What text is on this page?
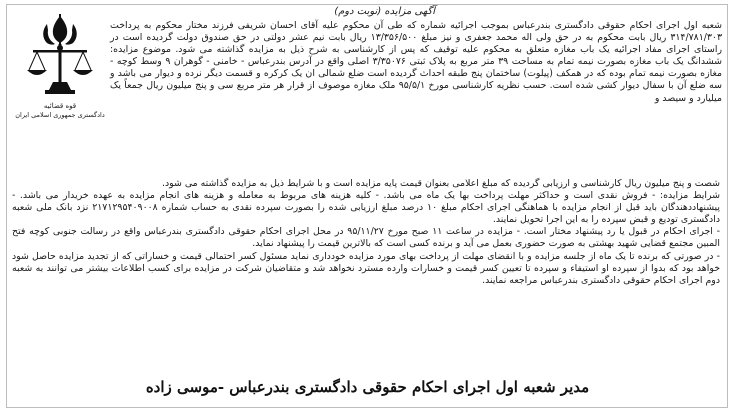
آگهی مزایده (نوبت دوم)
قوه قضائیه
دادگستری جمهوری اسلامی ایران

شعبه اول اجرای احکام حقوقی دادگستری بندرعباس بموجب اجرائیه شماره که طی آن محکوم علیه آقای احسان شریفی فرزند مختار محکوم به پرداخت ۳۱۴/۷۸۱/۳۰۳ ریال بابت محکوم به در حق ولی اله محمد جعفری و نیز مبلغ ۱۳/۳۵۶/۵۰۰ ریال بابت نیم عشر دولتی در حق صندوق دولت گردیده است در راستای اجرای مفاد اجرائیه یک باب مغازه متعلق به محکوم علیه توقیف که پس از کارشناسی به شرح ذیل به مزایده گذاشته می شود. موضوع مزایده: ششدانگ یک باب مغازه بصورت نیمه تمام به مساحت ۳۹ متر مربع به پلاک ثبتی ۳/۳۵۰۷۶ اصلی واقع در آدرس بندرعباس - خامنی - گوهران ۹ وسط کوچه - مغازه بصورت نیمه تمام بوده که در همکف (پیلوت) ساختمان پنج طبقه احداث گردیده است ضلع شمالی ان یک کرکره و قسمت دیگر نرده و دیوار می باشد و سه ضلع آن با سفال دیوار کشی شده است. حسب نظریه کارشناسی مورخ ۹۵/۵/۱ ملک مغازه موصوف از قرار هر متر مربع سی و پنج میلیون ریال جمعاً یک میلیارد و سیصد و

شصت و پنج میلیون ریال کارشناسی و ارزیابی گردیده که مبلغ اعلامی بعنوان قیمت پایه مزایده است و با شرایط ذیل به مزایده گذاشته می شود.

شرایط مزایده: - فروش نقدی است و حداکثر مهلت پرداخت بها یک ماه می باشد. - کلیه هزینه های مربوط به معامله و هزینه های انجام مزایده به عهده خریدار می باشد. - پیشنهاددهندگان باید قبل از انجام مزایده با هماهنگی اجرای احکام مبلغ ۱۰ درصد مبلغ ارزیابی شده را بصورت سپرده نقدی به حساب شماره ۲۱۷۱۲۹۵۴۰۹۰۰۸ نزد بانک ملی شعبه دادگستری تودیع و قبض سپرده را به این اجرا تحویل نمایند.

- اجرای احکام در قبول یا رد پیشنهاد مختار است. - مزایده در ساعت ۱۱ صبح مورخ ۹۵/۱۱/۲۷ در محل اجرای احکام حقوقی دادگستری بندرعباس واقع در رسالت جنوبی کوچه فتح المبین مجتمع قضایی شهید بهشتی به صورت حضوری بعمل می آید و برنده کسی است که بالاترین قیمت را پیشنهاد نماید.

- در صورتی که برنده تا یک ماه از جلسه مزایده و با انقضای مهلت از پرداخت بهای مورد مزایده خودداری نماید مسئول کسر احتمالی قیمت و خساراتی که از تجدید مزایده حاصل شود خواهد بود که بدوا از سپرده او استیفاء و سپرده تا تعیین کسر قیمت و خسارات وارده مسترد نخواهد شد و متقاضیان شرکت در مزایده برای کسب اطلاعات بیشتر می توانند به شعبه دوم اجرای احکام حقوقی دادگستری بندرعباس مراجعه نمایند.

مدیر شعبه اول اجرای احکام حقوقی دادگستری بندرعباس -موسی زاده
